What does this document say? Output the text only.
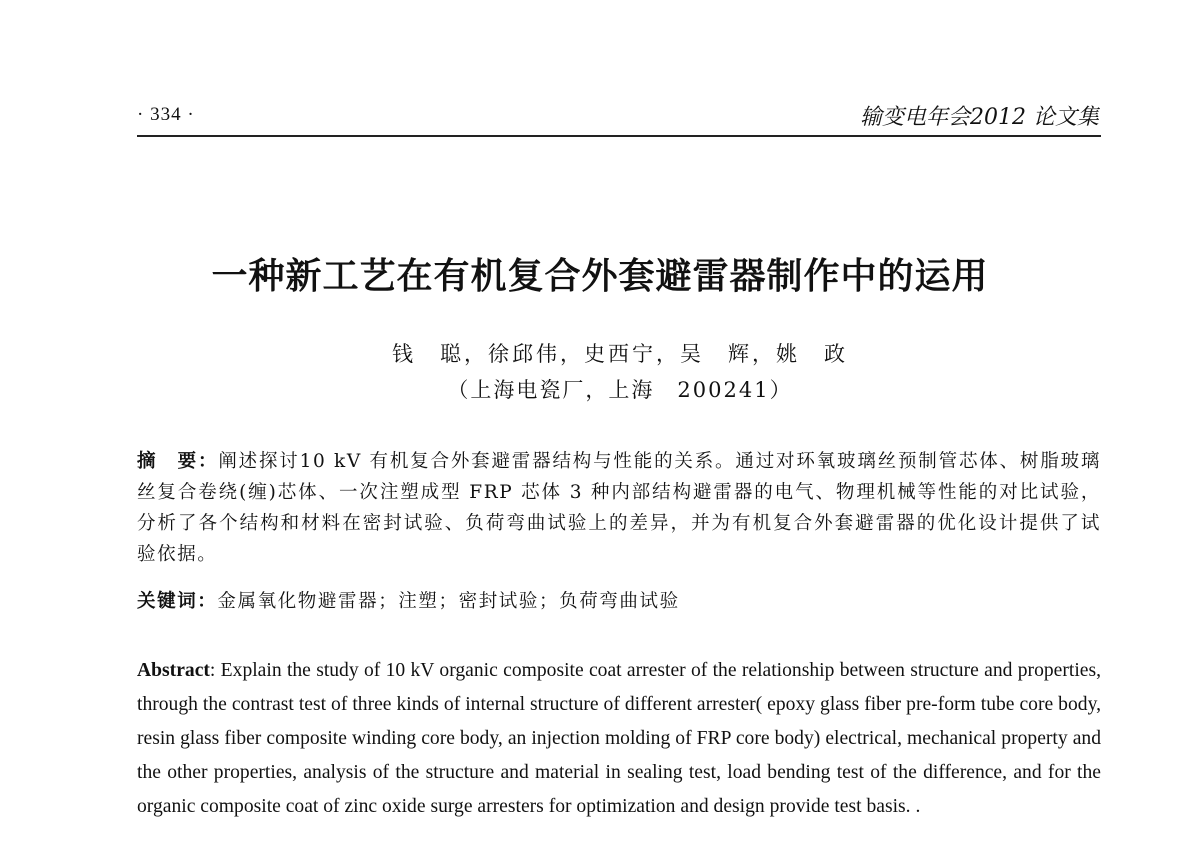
· 334 ·	输变电年会2012 论文集
一种新工艺在有机复合外套避雷器制作中的运用
钱　聪，徐邱伟，史西宁，吴　辉，姚　政
（上海电瓷厂，上海　200241）
摘　要：阐述探讨10 kV 有机复合外套避雷器结构与性能的关系。通过对环氧玻璃丝预制管芯体、树脂玻璃丝复合卷绕(缠)芯体、一次注塑成型 FRP 芯体 3 种内部结构避雷器的电气、物理机械等性能的对比试验，分析了各个结构和材料在密封试验、负荷弯曲试验上的差异，并为有机复合外套避雷器的优化设计提供了试验依据。
关键词：金属氧化物避雷器；注塑；密封试验；负荷弯曲试验
Abstract: Explain the study of 10 kV organic composite coat arrester of the relationship between structure and properties, through the contrast test of three kinds of internal structure of different arrester( epoxy glass fiber pre-form tube core body, resin glass fiber composite winding core body, an injection molding of FRP core body) electrical, mechanical property and the other properties, analysis of the structure and material in sealing test, load bending test of the difference, and for the organic composite coat of zinc oxide surge arresters for optimization and design provide test basis. .
